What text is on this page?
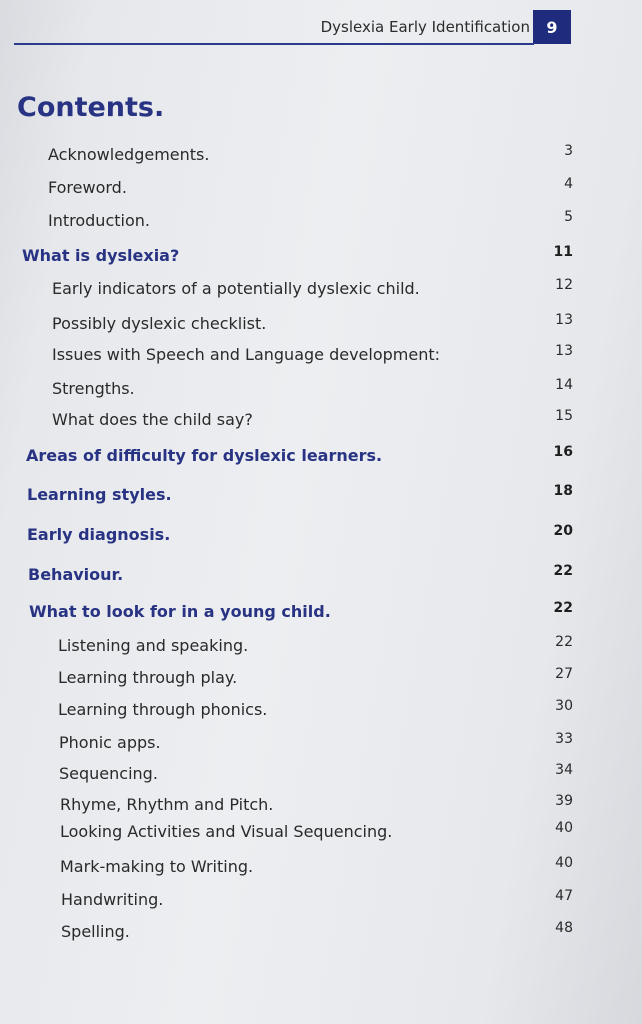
Dyslexia Early Identification 9
Contents.
Acknowledgements.	3
Foreword.	4
Introduction.	5
What is dyslexia?	11
Early indicators of a potentially dyslexic child.	12
Possibly dyslexic checklist.	13
Issues with Speech and Language development:	13
Strengths.	14
What does the child say?	15
Areas of difficulty for dyslexic learners.	16
Learning styles.	18
Early diagnosis.	20
Behaviour.	22
What to look for in a young child.	22
Listening and speaking.	22
Learning through play.	27
Learning through phonics.	30
Phonic apps.	33
Sequencing.	34
Rhyme, Rhythm and Pitch.	39
Looking Activities and Visual Sequencing.	40
Mark-making to Writing.	40
Handwriting.	47
Spelling.	48
